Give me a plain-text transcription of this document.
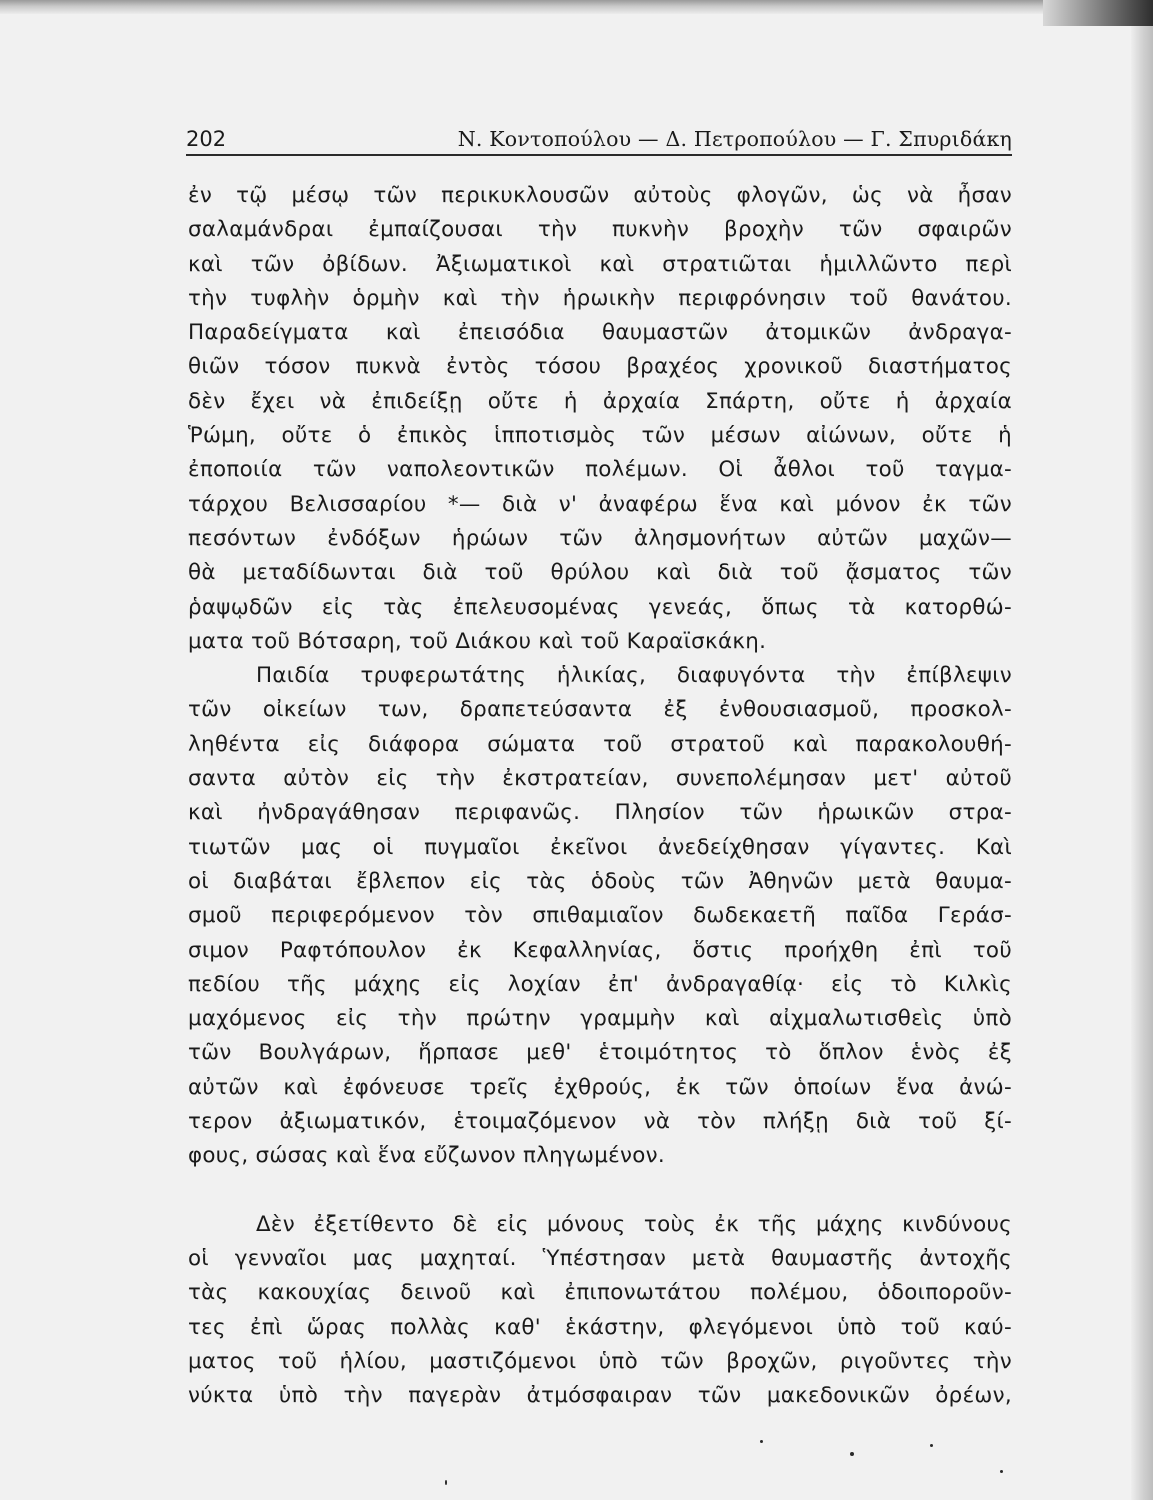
202	Ν. Κοντοπούλου — Δ. Πετροπούλου — Γ. Σπυριδάκη
ἐν τῷ μέσῳ τῶν περικυκλουσῶν αὐτοὺς φλογῶν, ὡς νὰ ἦσαν
σαλαμάνδραι ἐμπαίζουσαι τὴν πυκνὴν βροχὴν τῶν σφαιρῶν
καὶ τῶν ὀβίδων. Ἀξιωματικοὶ καὶ στρατιῶται ἡμιλλῶντο περὶ
τὴν τυφλὴν ὁρμὴν καὶ τὴν ἡρωικὴν περιφρόνησιν τοῦ θανάτου.
Παραδείγματα καὶ ἐπεισόδια θαυμαστῶν ἀτομικῶν ἀνδραγα-
θιῶν τόσον πυκνὰ ἐντὸς τόσου βραχέος χρονικοῦ διαστήματος
δὲν ἔχει νὰ ἐπιδείξῃ οὔτε ἡ ἀρχαία Σπάρτη, οὔτε ἡ ἀρχαία
Ῥώμη, οὔτε ὁ ἐπικὸς ἱπποτισμὸς τῶν μέσων αἰώνων, οὔτε ἡ
ἐποποιία τῶν ναπολεοντικῶν πολέμων. Οἱ ἆθλοι τοῦ ταγμα-
τάρχου Βελισσαρίου *— διὰ ν' ἀναφέρω ἕνα καὶ μόνον ἐκ τῶν
πεσόντων ἐνδόξων ἡρώων τῶν ἀλησμονήτων αὐτῶν μαχῶν—
θὰ μεταδίδωνται διὰ τοῦ θρύλου καὶ διὰ τοῦ ᾄσματος τῶν
ῥαψῳδῶν εἰς τὰς ἐπελευσομένας γενεάς, ὅπως τὰ κατορθώ-
ματα τοῦ Βότσαρη, τοῦ Διάκου καὶ τοῦ Καραϊσκάκη.
Παιδία τρυφερωτάτης ἡλικίας, διαφυγόντα τὴν ἐπίβλεψιν
τῶν οἰκείων των, δραπετεύσαντα ἐξ ἐνθουσιασμοῦ, προσκολ-
ληθέντα εἰς διάφορα σώματα τοῦ στρατοῦ καὶ παρακολουθή-
σαντα αὐτὸν εἰς τὴν ἐκστρατείαν, συνεπολέμησαν μετ' αὐτοῦ
καὶ ἠνδραγάθησαν περιφανῶς. Πλησίον τῶν ἡρωικῶν στρα-
τιωτῶν μας οἱ πυγμαῖοι ἐκεῖνοι ἀνεδείχθησαν γίγαντες. Καὶ
οἱ διαβάται ἔβλεπον εἰς τὰς ὁδοὺς τῶν Ἀθηνῶν μετὰ θαυμα-
σμοῦ περιφερόμενον τὸν σπιθαμιαῖον δωδεκαετῆ παῖδα Γεράσ-
σιμον Ραφτόπουλον ἐκ Κεφαλληνίας, ὅστις προήχθη ἐπὶ τοῦ
πεδίου τῆς μάχης εἰς λοχίαν ἐπ' ἀνδραγαθίᾳ· εἰς τὸ Κιλκὶς
μαχόμενος εἰς τὴν πρώτην γραμμὴν καὶ αἰχμαλωτισθεὶς ὑπὸ
τῶν Βουλγάρων, ἥρπασε μεθ' ἑτοιμότητος τὸ ὅπλον ἑνὸς ἐξ
αὐτῶν καὶ ἐφόνευσε τρεῖς ἐχθρούς, ἐκ τῶν ὁποίων ἕνα ἀνώ-
τερον ἀξιωματικόν, ἑτοιμαζόμενον νὰ τὸν πλήξῃ διὰ τοῦ ξί-
φους, σώσας καὶ ἕνα εὔζωνον πληγωμένον.
Δὲν ἐξετίθεντο δὲ εἰς μόνους τοὺς ἐκ τῆς μάχης κινδύνους
οἱ γενναῖοι μας μαχηταί. Ὑπέστησαν μετὰ θαυμαστῆς ἀντοχῆς
τὰς κακουχίας δεινοῦ καὶ ἐπιπονωτάτου πολέμου, ὁδοιποροῦν-
τες ἐπὶ ὥρας πολλὰς καθ' ἑκάστην, φλεγόμενοι ὑπὸ τοῦ καύ-
ματος τοῦ ἡλίου, μαστιζόμενοι ὑπὸ τῶν βροχῶν, ριγοῦντες τὴν
νύκτα ὑπὸ τὴν παγερὰν ἀτμόσφαιραν τῶν μακεδονικῶν ὀρέων,
